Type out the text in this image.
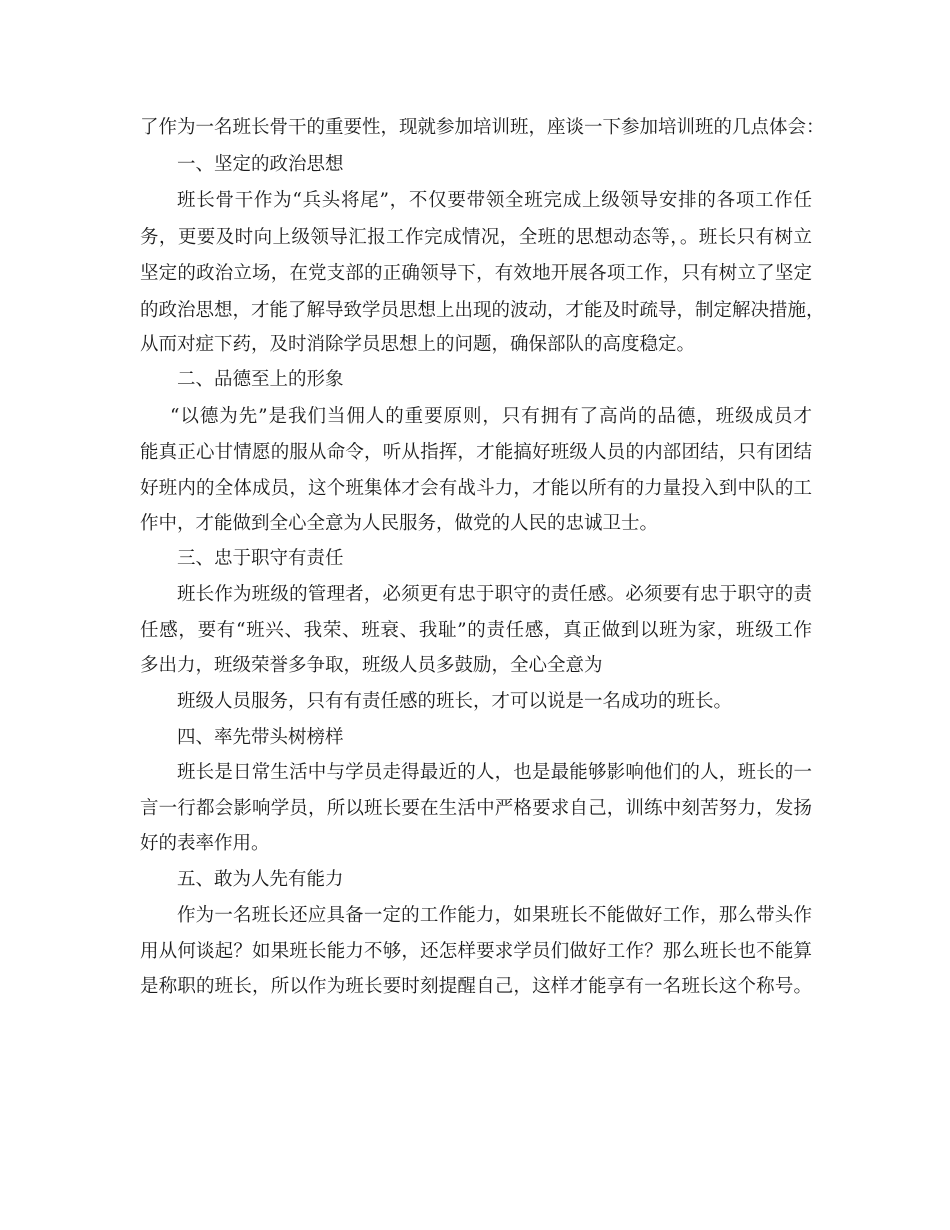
了作为一名班长骨干的重要性，现就参加培训班，座谈一下参加培训班的几点体会：
一、坚定的政治思想
班长骨干作为“兵头将尾”，不仅要带领全班完成上级领导安排的各项工作任
务，更要及时向上级领导汇报工作完成情况，全班的思想动态等，。班长只有树立
坚定的政治立场，在党支部的正确领导下，有效地开展各项工作，只有树立了坚定
的政治思想，才能了解导致学员思想上出现的波动，才能及时疏导，制定解决措施，
从而对症下药，及时消除学员思想上的问题，确保部队的高度稳定。
二、品德至上的形象
“以德为先”是我们当佣人的重要原则，只有拥有了高尚的品德，班级成员才
能真正心甘情愿的服从命令，听从指挥，才能搞好班级人员的内部团结，只有团结
好班内的全体成员，这个班集体才会有战斗力，才能以所有的力量投入到中队的工
作中，才能做到全心全意为人民服务，做党的人民的忠诚卫士。
三、忠于职守有责任
班长作为班级的管理者，必须更有忠于职守的责任感。必须要有忠于职守的责
任感，要有“班兴、我荣、班衰、我耻”的责任感，真正做到以班为家，班级工作
多出力，班级荣誉多争取，班级人员多鼓励，全心全意为
班级人员服务，只有有责任感的班长，才可以说是一名成功的班长。
四、率先带头树榜样
班长是日常生活中与学员走得最近的人，也是最能够影响他们的人，班长的一
言一行都会影响学员，所以班长要在生活中严格要求自己，训练中刻苦努力，发扬
好的表率作用。
五、敢为人先有能力
作为一名班长还应具备一定的工作能力，如果班长不能做好工作，那么带头作
用从何谈起？如果班长能力不够，还怎样要求学员们做好工作？那么班长也不能算
是称职的班长，所以作为班长要时刻提醒自己，这样才能享有一名班长这个称号。
